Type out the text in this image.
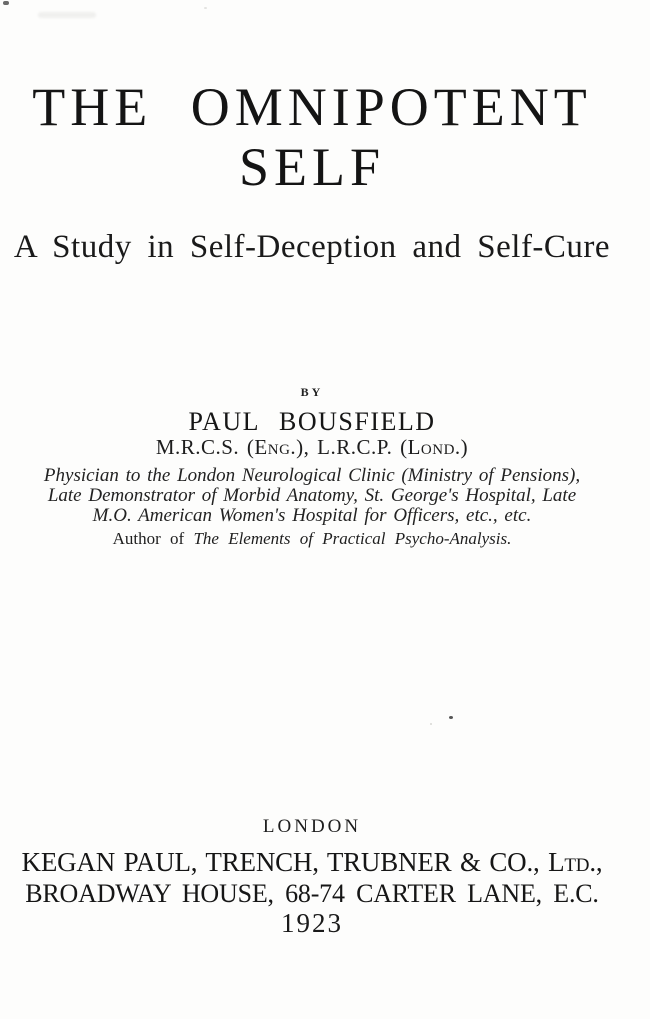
THE OMNIPOTENT
SELF
A Study in Self-Deception and Self-Cure
BY
PAUL BOUSFIELD
M.R.C.S. (Eng.), L.R.C.P. (Lond.)
Physician to the London Neurological Clinic (Ministry of Pensions),
Late Demonstrator of Morbid Anatomy, St. George's Hospital, Late
M.O. American Women's Hospital for Officers, etc., etc.
Author of The Elements of Practical Psycho-Analysis.
LONDON
KEGAN PAUL, TRENCH, TRUBNER & CO., Ltd.,
BROADWAY HOUSE, 68-74 CARTER LANE, E.C.
1923
